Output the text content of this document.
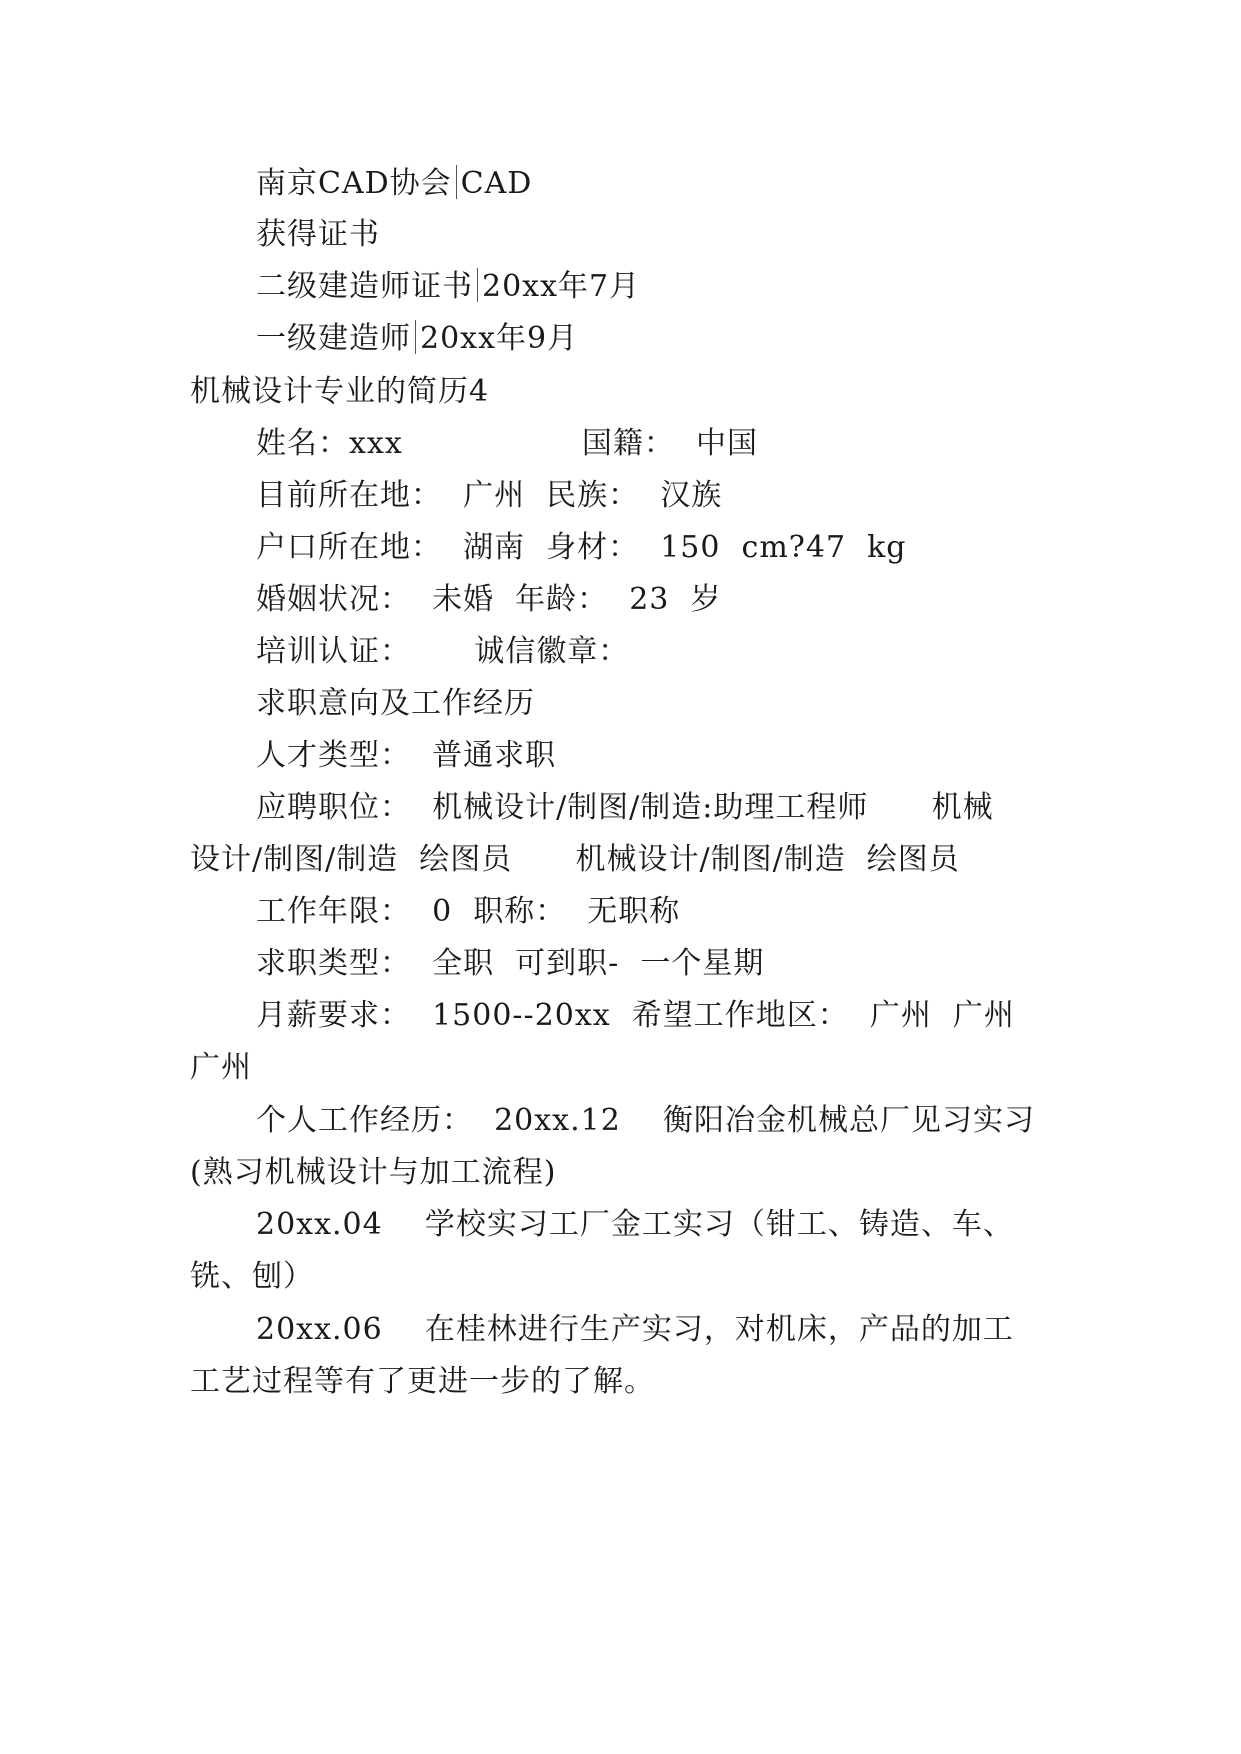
南京CAD协会 CAD
获得证书
二级建造师证书 20xx年7月
一级建造师 20xx年9月
机械设计专业的简历4
姓名：xxx                 国籍：  中国
目前所在地：  广州  民族：  汉族
户口所在地：  湖南  身材：  150  cm?47  kg
婚姻状况：  未婚  年龄：  23  岁
培训认证：      诚信徽章：
求职意向及工作经历
人才类型：  普通求职
应聘职位：  机械设计/制图/制造:助理工程师      机械
设计/制图/制造  绘图员      机械设计/制图/制造  绘图员
工作年限：  0  职称：  无职称
求职类型：  全职  可到职-  一个星期
月薪要求：  1500--20xx  希望工作地区：  广州  广州
广州
个人工作经历：  20xx.12    衡阳冶金机械总厂见习实习
(熟习机械设计与加工流程)
20xx.04    学校实习工厂金工实习（钳工、铸造、车、
铣、刨）
20xx.06    在桂林进行生产实习，对机床，产品的加工
工艺过程等有了更进一步的了解。
